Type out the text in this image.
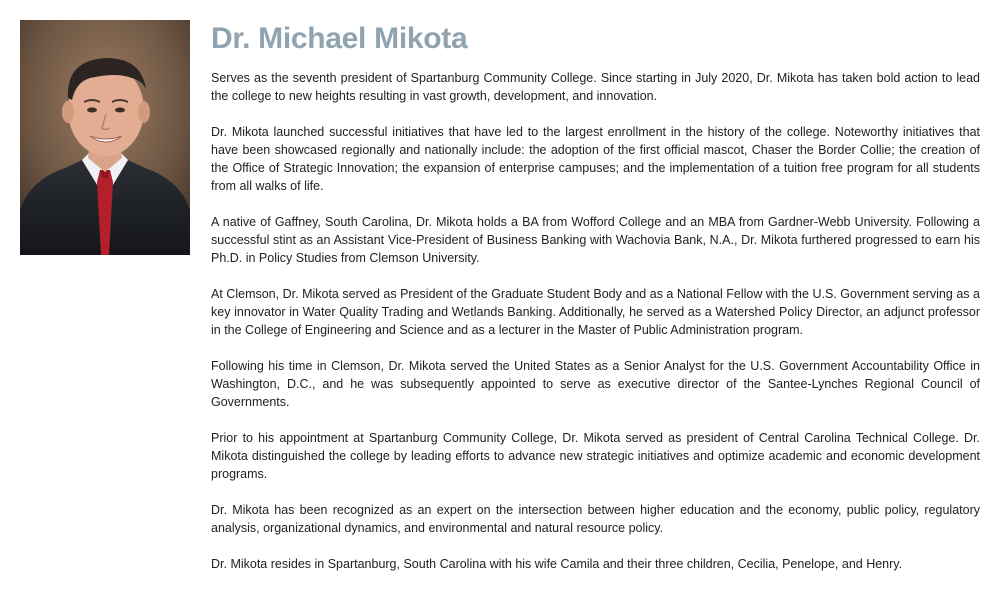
Dr. Michael Mikota

Serves as the seventh president of Spartanburg Community College. Since starting in July 2020, Dr. Mikota has taken bold action to lead the college to new heights resulting in vast growth, development, and innovation.

Dr. Mikota launched successful initiatives that have led to the largest enrollment in the history of the college. Noteworthy initiatives that have been showcased regionally and nationally include: the adoption of the first official mascot, Chaser the Border Collie; the creation of the Office of Strategic Innovation; the expansion of enterprise campuses; and the implementation of a tuition free program for all students from all walks of life.

A native of Gaffney, South Carolina, Dr. Mikota holds a BA from Wofford College and an MBA from Gardner-Webb University. Following a successful stint as an Assistant Vice-President of Business Banking with Wachovia Bank, N.A., Dr. Mikota furthered progressed to earn his Ph.D. in Policy Studies from Clemson University.

At Clemson, Dr. Mikota served as President of the Graduate Student Body and as a National Fellow with the U.S. Government serving as a key innovator in Water Quality Trading and Wetlands Banking. Additionally, he served as a Watershed Policy Director, an adjunct professor in the College of Engineering and Science and as a lecturer in the Master of Public Administration program.

Following his time in Clemson, Dr. Mikota served the United States as a Senior Analyst for the U.S. Government Accountability Office in Washington, D.C., and he was subsequently appointed to serve as executive director of the Santee-Lynches Regional Council of Governments.

Prior to his appointment at Spartanburg Community College, Dr. Mikota served as president of Central Carolina Technical College. Dr. Mikota distinguished the college by leading efforts to advance new strategic initiatives and optimize academic and economic development programs.

Dr. Mikota has been recognized as an expert on the intersection between higher education and the economy, public policy, regulatory analysis, organizational dynamics, and environmental and natural resource policy.

Dr. Mikota resides in Spartanburg, South Carolina with his wife Camila and their three children, Cecilia, Penelope, and Henry.
